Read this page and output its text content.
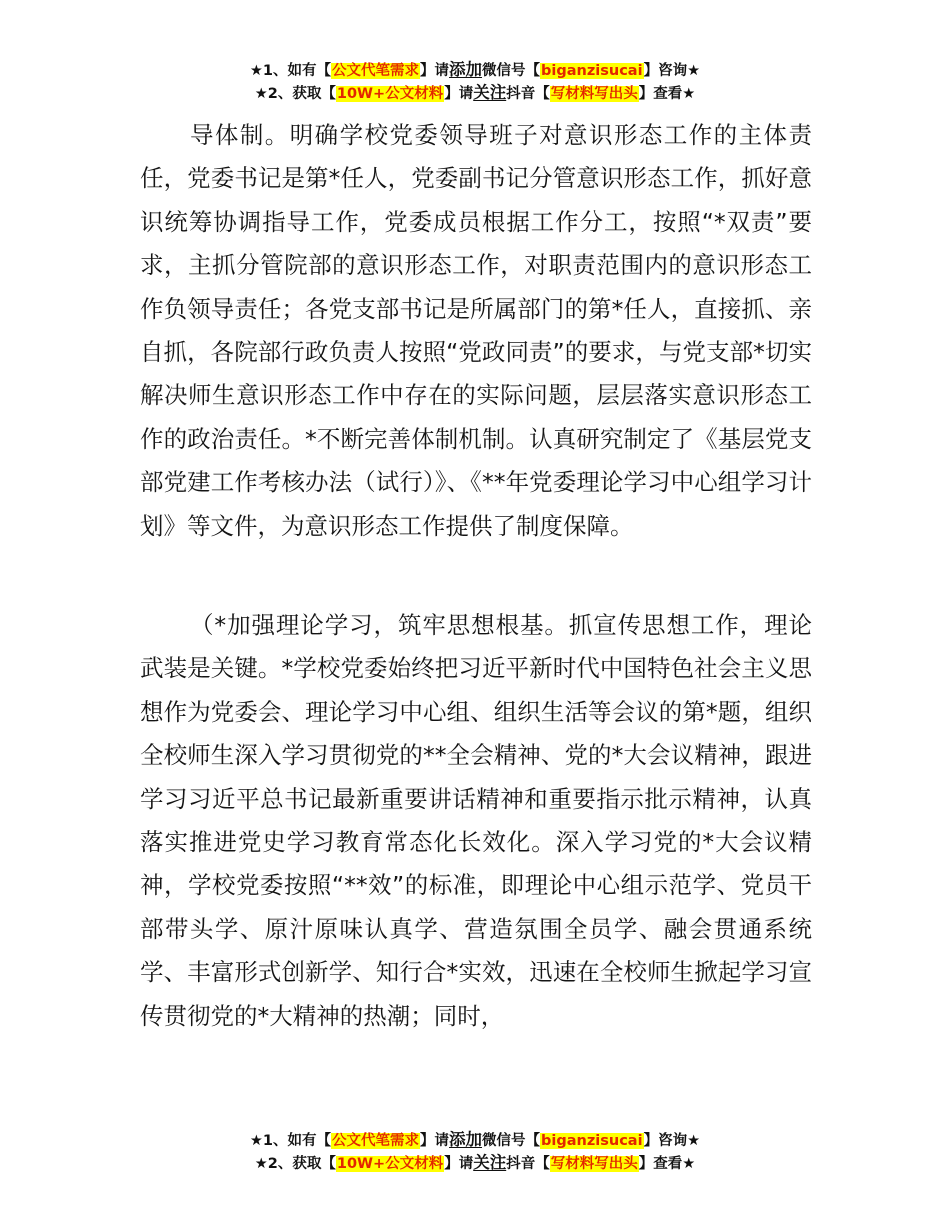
★1、如有【公文代笔需求】请添加微信号【biganzisucai】咨询★
★2、获取【10W+公文材料】请关注抖音【写材料写出头】查看★

导体制。明确学校党委领导班子对意识形态工作的主体责任，党委书记是第*任人，党委副书记分管意识形态工作，抓好意识统筹协调指导工作，党委成员根据工作分工，按照“*双责”要求，主抓分管院部的意识形态工作，对职责范围内的意识形态工作负领导责任；各党支部书记是所属部门的第*任人，直接抓、亲自抓，各院部行政负责人按照“党政同责”的要求，与党支部*切实解决师生意识形态工作中存在的实际问题，层层落实意识形态工作的政治责任。*不断完善体制机制。认真研究制定了《基层党支部党建工作考核办法（试行）》、《**年党委理论学习中心组学习计划》等文件，为意识形态工作提供了制度保障。

（*加强理论学习，筑牢思想根基。抓宣传思想工作，理论武装是关键。*学校党委始终把习近平新时代中国特色社会主义思想作为党委会、理论学习中心组、组织生活等会议的第*题，组织全校师生深入学习贯彻党的**全会精神、党的*大会议精神，跟进学习习近平总书记最新重要讲话精神和重要指示批示精神，认真落实推进党史学习教育常态化长效化。深入学习党的*大会议精神，学校党委按照“**效”的标准，即理论中心组示范学、党员干部带头学、原汁原味认真学、营造氛围全员学、融会贯通系统学、丰富形式创新学、知行合*实效，迅速在全校师生掀起学习宣传贯彻党的*大精神的热潮；同时，

★1、如有【公文代笔需求】请添加微信号【biganzisucai】咨询★
★2、获取【10W+公文材料】请关注抖音【写材料写出头】查看★
